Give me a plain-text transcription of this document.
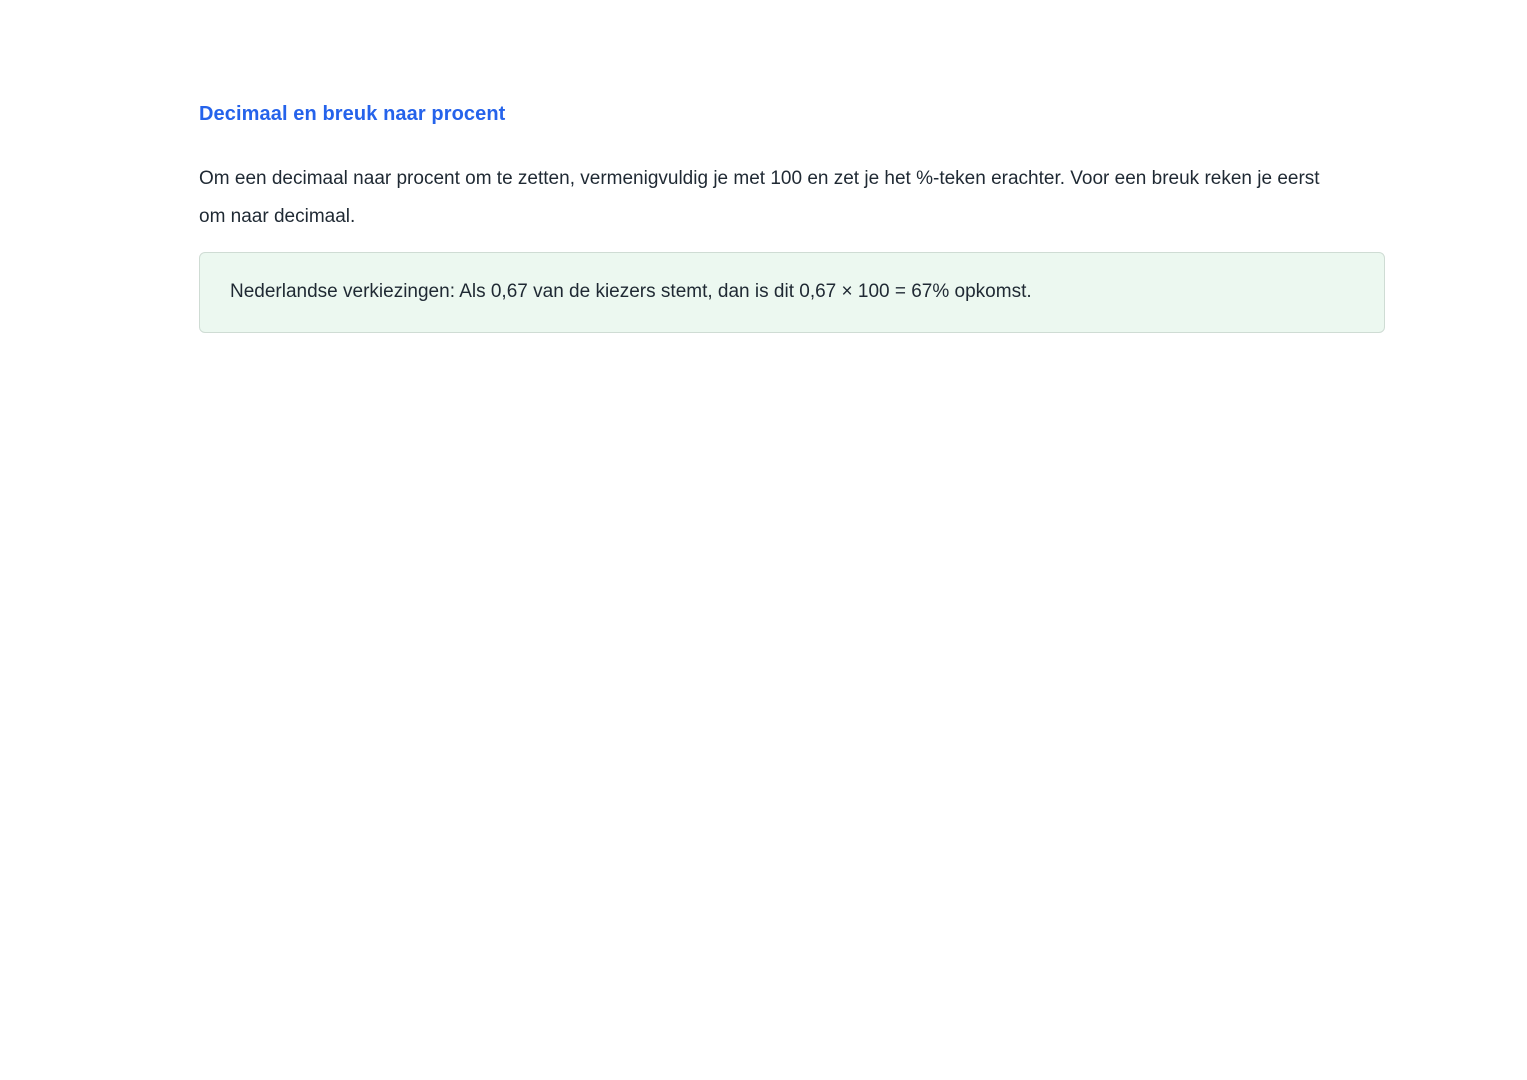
Decimaal en breuk naar procent

Om een decimaal naar procent om te zetten, vermenigvuldig je met 100 en zet je het %-teken erachter. Voor een breuk reken je eerst om naar decimaal.

Nederlandse verkiezingen: Als 0,67 van de kiezers stemt, dan is dit 0,67 × 100 = 67% opkomst.
